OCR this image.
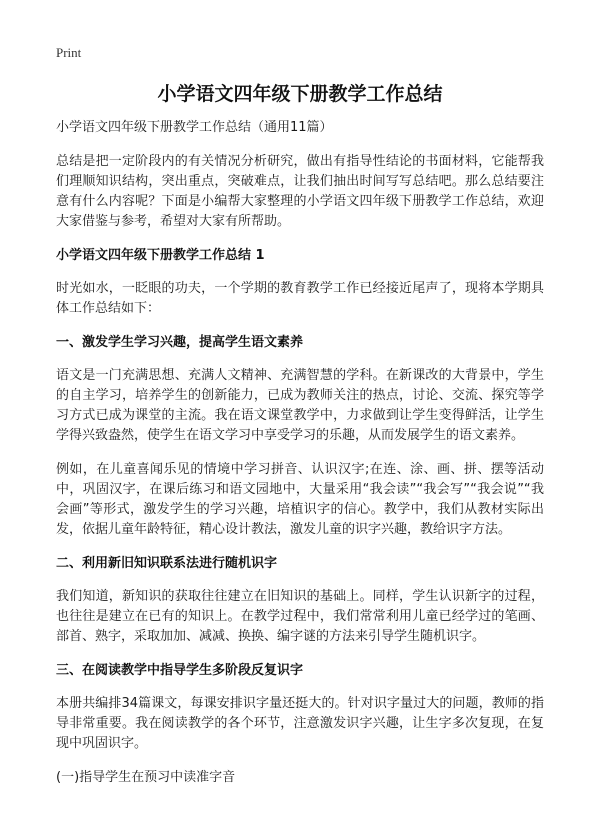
Print

小学语文四年级下册教学工作总结

小学语文四年级下册教学工作总结（通用11篇）

总结是把一定阶段内的有关情况分析研究，做出有指导性结论的书面材料，它能帮我们理顺知识结构，突出重点，突破难点，让我们抽出时间写写总结吧。那么总结要注意有什么内容呢？下面是小编帮大家整理的小学语文四年级下册教学工作总结，欢迎大家借鉴与参考，希望对大家有所帮助。

小学语文四年级下册教学工作总结 1

时光如水，一眨眼的功夫，一个学期的教育教学工作已经接近尾声了，现将本学期具体工作总结如下：

一、激发学生学习兴趣，提高学生语文素养

语文是一门充满思想、充满人文精神、充满智慧的学科。在新课改的大背景中，学生的自主学习，培养学生的创新能力，已成为教师关注的热点，讨论、交流、探究等学习方式已成为课堂的主流。我在语文课堂教学中，力求做到让学生变得鲜活，让学生学得兴致盎然，使学生在语文学习中享受学习的乐趣，从而发展学生的语文素养。

例如，在儿童喜闻乐见的情境中学习拼音、认识汉字;在连、涂、画、拼、摆等活动中，巩固汉字，在课后练习和语文园地中，大量采用“我会读”“我会写”“我会说”“我会画”等形式，激发学生的学习兴趣，培植识字的信心。教学中，我们从教材实际出发，依据儿童年龄特征，精心设计教法，激发儿童的识字兴趣，教给识字方法。

二、利用新旧知识联系法进行随机识字

我们知道，新知识的获取往往建立在旧知识的基础上。同样，学生认识新字的过程，也往往是建立在已有的知识上。在教学过程中，我们常常利用儿童已经学过的笔画、部首、熟字，采取加加、减减、换换、编字谜的方法来引导学生随机识字。

三、在阅读教学中指导学生多阶段反复识字

本册共编排34篇课文，每课安排识字量还挺大的。针对识字量过大的问题，教师的指导非常重要。我在阅读教学的各个环节，注意激发识字兴趣，让生字多次复现，在复现中巩固识字。

(一)指导学生在预习中读准字音
